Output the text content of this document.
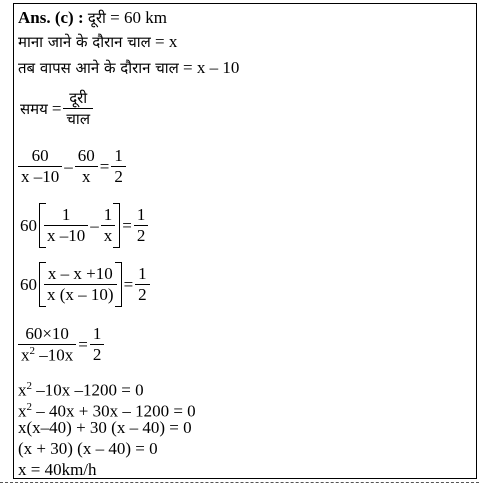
Ans. (c) : दूरी = 60 km
माना जाने के दौरान चाल = x
तब वापस आने के दौरान चाल = x – 10
समय = $\frac{\text{दूरी}}{\text{चाल}}$
$\frac{60}{x -10} - \frac{60}{x} = \frac{1}{2}$
$60 \frac{1}{x -10} - \frac{1}{x} = \frac{1}{2}$
$60 \frac{x - x +10}{x (x - 10)} = \frac{1}{2}$
$\frac{60\times 10}{x^2 -10x} = \frac{1}{2}$
$x^2$ –10x –1200 = 0
$x^2 - 40x + 30x - 1200 = 0$
x(x–40) + 30 (x – 40) = 0
(x + 30) (x – 40) = 0
x = 40km/h
